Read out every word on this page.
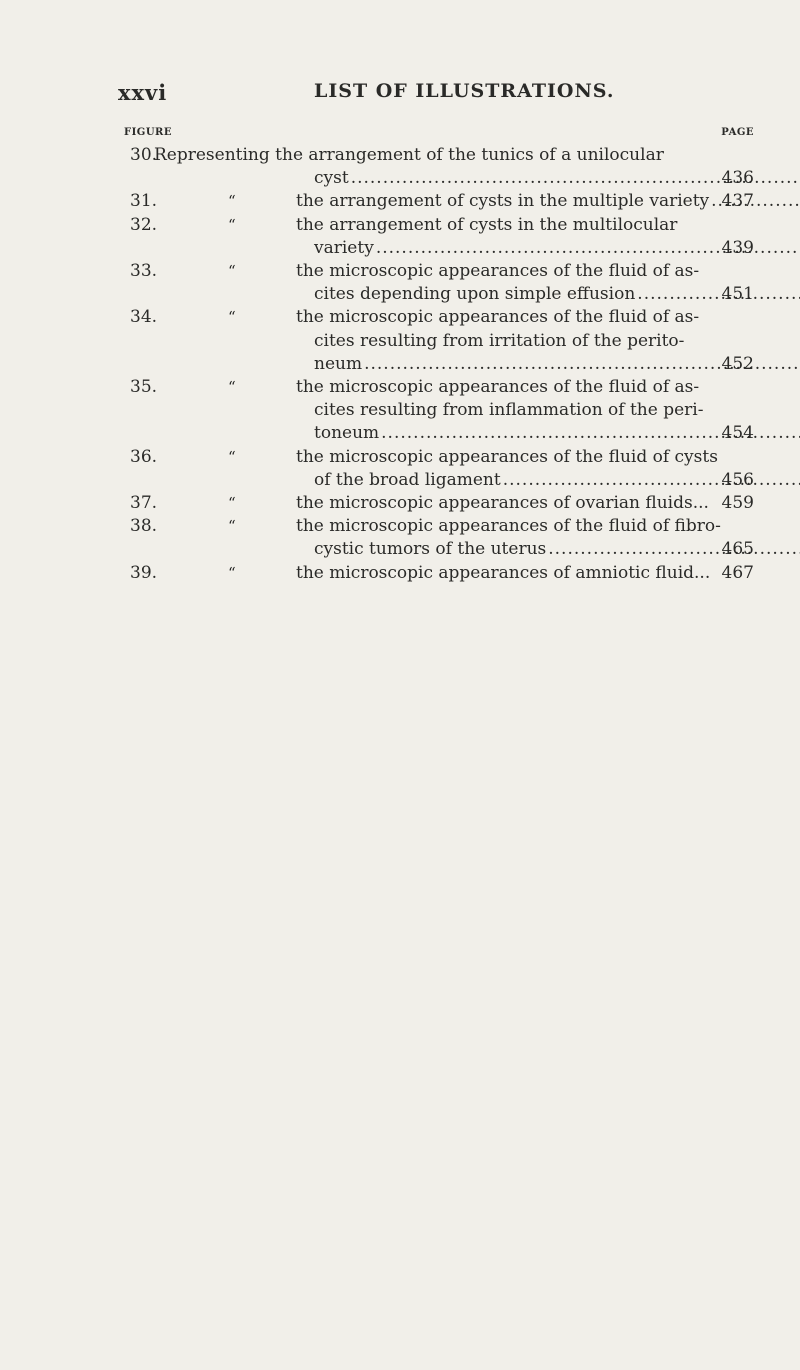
xxvi	LIST OF ILLUSTRATIONS.
FIGURE	PAGE
30.
Representing the arrangement of the tunics of a unilocular
cyst .....	436
31.	“	the arrangement of cysts in the multiple variety ..... 437
32.	“	the arrangement of cysts in the multilocular
variety .....	439
33.	“	the microscopic appearances of the fluid of as-
cites depending upon simple effusion .....	451
34.	“	the microscopic appearances of the fluid of as-
cites resulting from irritation of the perito-
neum .....	452
35.	“	the microscopic appearances of the fluid of as-
cites resulting from inflammation of the peri-
toneum .....	454
36.	“	the microscopic appearances of the fluid of cysts
of the broad ligament .....	456
37.	“	the microscopic appearances of ovarian fluids... 459
38.	“	the microscopic appearances of the fluid of fibro-
cystic tumors of the uterus .....	465
39.	“	the microscopic appearances of amniotic fluid... 467
